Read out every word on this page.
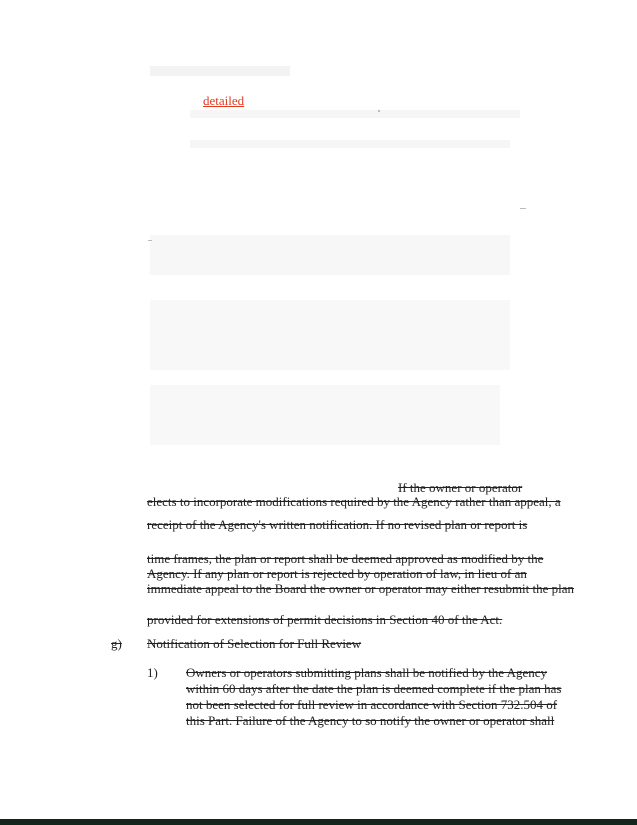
detailed
If the owner or operator
elects to incorporate modifications required by the Agency rather than appeal, a
receipt of the Agency's written notification. If no revised plan or report is
time frames, the plan or report shall be deemed approved as modified by the
Agency. If any plan or report is rejected by operation of law, in lieu of an
immediate appeal to the Board the owner or operator may either resubmit the plan
provided for extensions of permit decisions in Section 40 of the Act.
g) Notification of Selection for Full Review
1) Owners or operators submitting plans shall be notified by the Agency
within 60 days after the date the plan is deemed complete if the plan has
not been selected for full review in accordance with Section 732.504 of
this Part. Failure of the Agency to so notify the owner or operator shall
